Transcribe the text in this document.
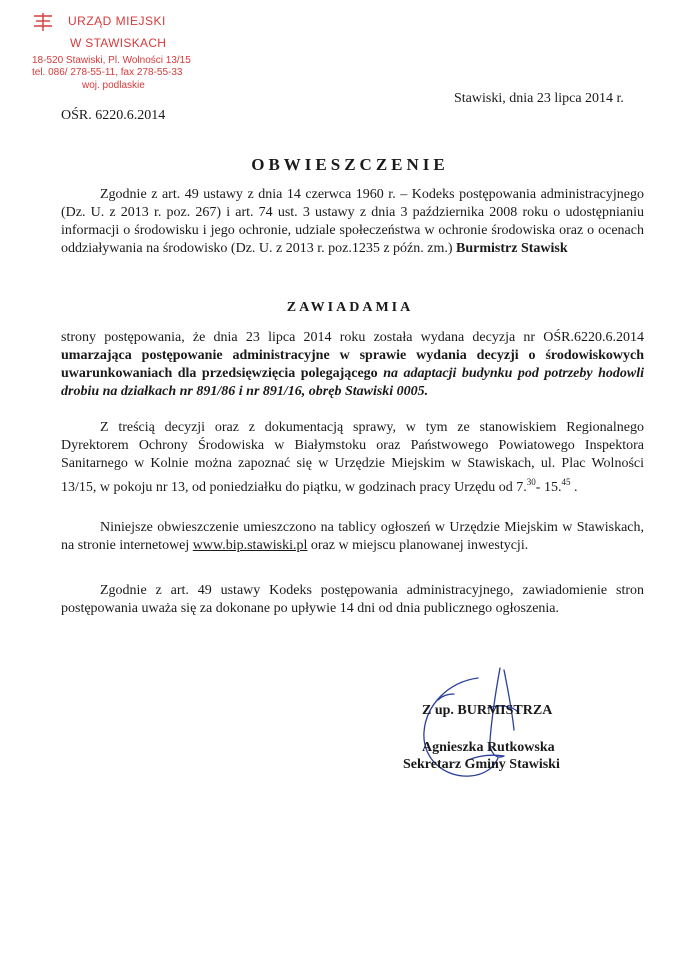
URZĄD MIEJSKI
W STAWISKACH
18-520 Stawiski, Pl. Wolności 13/15
tel. 086/ 278-55-11, fax 278-55-33
woj. podlaskie
Stawiski, dnia 23 lipca 2014 r.
OŚR. 6220.6.2014
OBWIESZCZENIE
Zgodnie z art. 49 ustawy z dnia 14 czerwca 1960 r. – Kodeks postępowania administracyjnego (Dz. U. z 2013 r. poz. 267) i art. 74 ust. 3 ustawy z dnia 3 października 2008 roku o udostępnianiu informacji o środowisku i jego ochronie, udziale społeczeństwa w ochronie środowiska oraz o ocenach oddziaływania na środowisko (Dz. U. z 2013 r. poz.1235 z późn. zm.) Burmistrz Stawisk
ZAWIADAMIA
strony postępowania, że dnia 23 lipca 2014 roku została wydana decyzja nr OŚR.6220.6.2014 umarzająca postępowanie administracyjne w sprawie wydania decyzji o środowiskowych uwarunkowaniach dla przedsięwzięcia polegającego na adaptacji budynku pod potrzeby hodowli drobiu na działkach nr 891/86 i nr 891/16, obręb Stawiski 0005.
Z treścią decyzji oraz z dokumentacją sprawy, w tym ze stanowiskiem Regionalnego Dyrektorem Ochrony Środowiska w Białymstoku oraz Państwowego Powiatowego Inspektora Sanitarnego w Kolnie można zapoznać się w Urzędzie Miejskim w Stawiskach, ul. Plac Wolności 13/15, w pokoju nr 13, od poniedziałku do piątku, w godzinach pracy Urzędu od 7.30- 15.45 .
Niniejsze obwieszczenie umieszczono na tablicy ogłoszeń w Urzędzie Miejskim w Stawiskach, na stronie internetowej www.bip.stawiski.pl oraz w miejscu planowanej inwestycji.
Zgodnie z art. 49 ustawy Kodeks postępowania administracyjnego, zawiadomienie stron postępowania uważa się za dokonane po upływie 14 dni od dnia publicznego ogłoszenia.
Z up. BURMISTRZA
Agnieszka Rutkowska
Sekretarz Gminy Stawiski
